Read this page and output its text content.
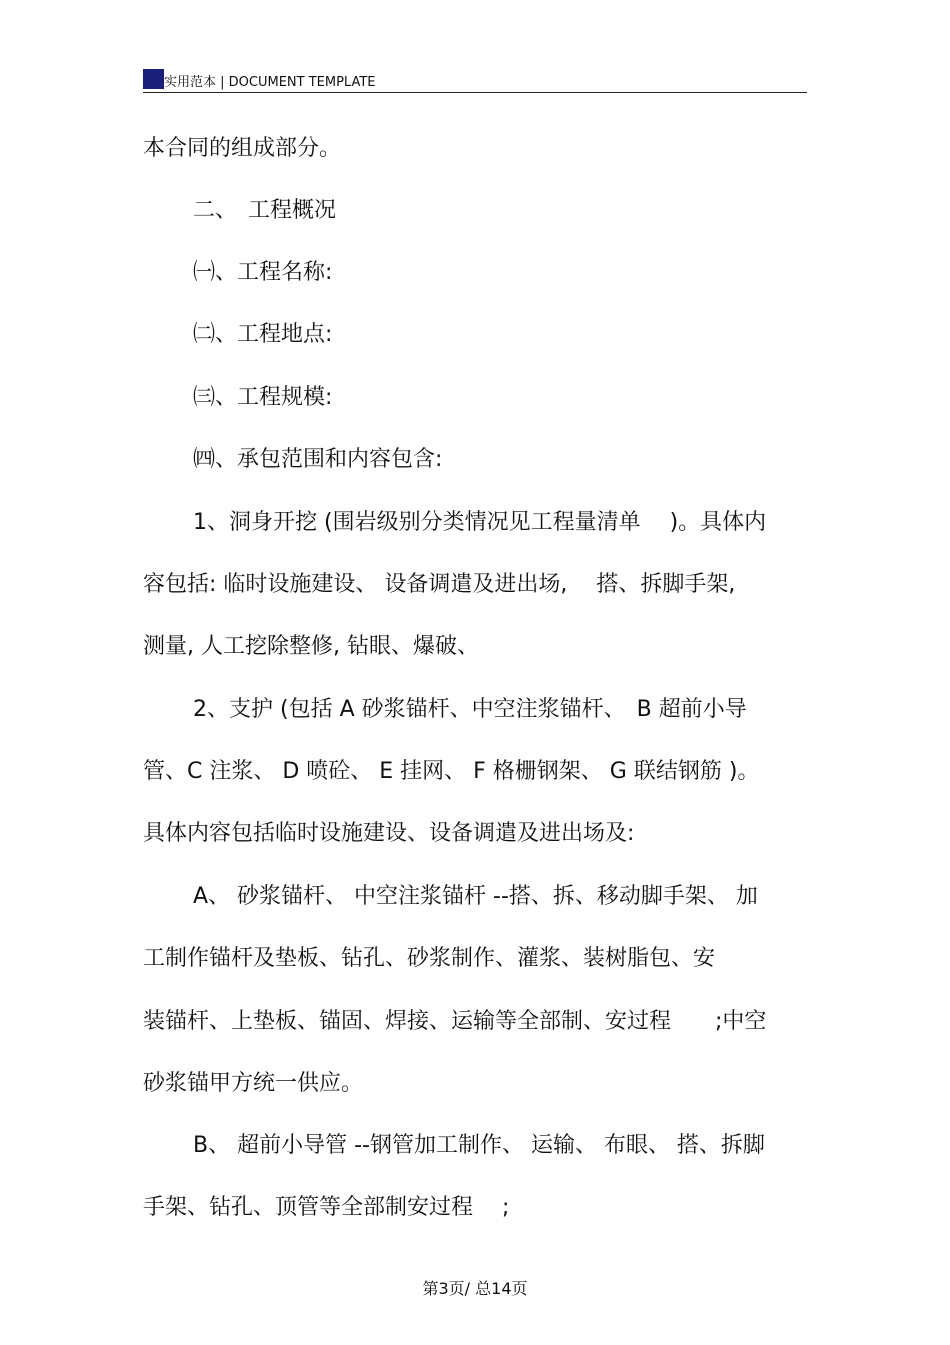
实用范本 | DOCUMENT TEMPLATE
本合同的组成部分。
二、　工程概况
㈠、工程名称:
㈡、工程地点:
㈢、工程规模:
㈣、承包范围和内容包含:
1、洞身开挖 (围岩级别分类情况见工程量清单　 )。具体内
容包括: 临时设施建设、 设备调遣及进出场, 　搭、拆脚手架,
测量, 人工挖除整修, 钻眼、爆破、
2、支护 (包括 A 砂浆锚杆、中空注浆锚杆、　B 超前小导
管、C 注浆、 D 喷砼、 E 挂网、 F 格栅钢架、 G 联结钢筋 )。
具体内容包括临时设施建设、设备调遣及进出场及:
A、 砂浆锚杆、 中空注浆锚杆 --搭、拆、移动脚手架、 加
工制作锚杆及垫板、钻孔、砂浆制作、灌浆、装树脂包、安
装锚杆、上垫板、锚固、焊接、运输等全部制、安过程　　;中空
砂浆锚甲方统一供应。
B、 超前小导管 --钢管加工制作、 运输、 布眼、 搭、拆脚
手架、钻孔、顶管等全部制安过程　 ;
第3页/ 总14页
